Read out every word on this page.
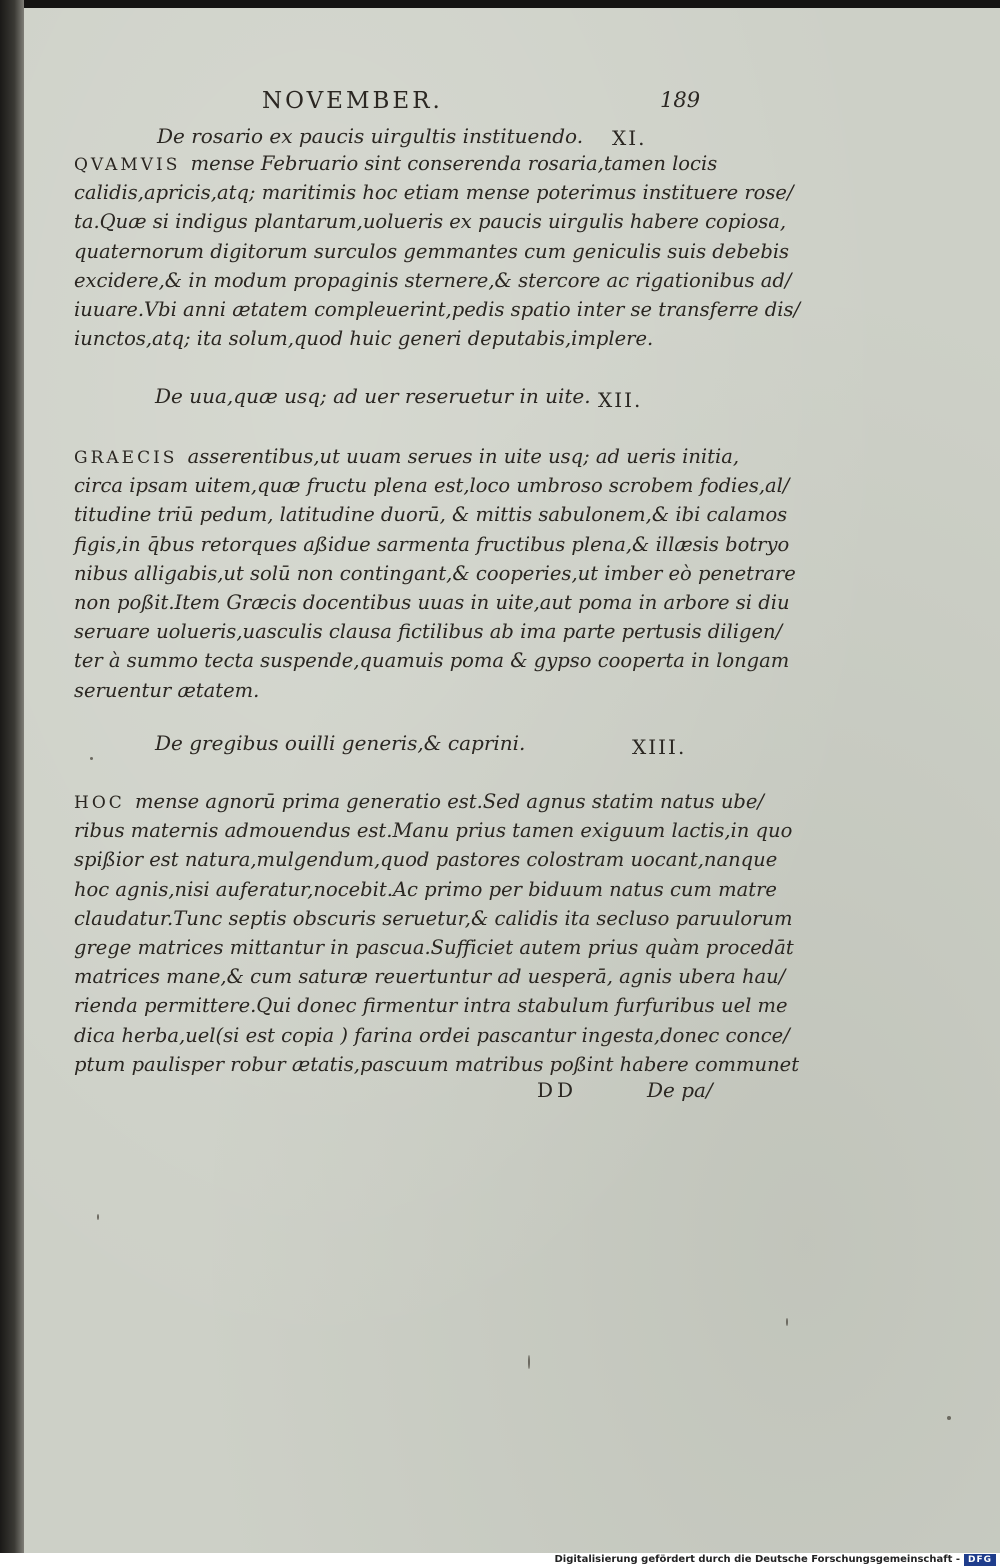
NOVEMBER.	189
De rosario ex paucis uirgultis instituendo. XI.
QVAMVIS mense Februario sint conserenda rosaria,tamen locis
calidis,apricis,atq; maritimis hoc etiam mense poterimus instituere rose/
ta.Quæ si indigus plantarum,uolueris ex paucis uirgulis habere copiosa,
quaternorum digitorum surculos gemmantes cum geniculis suis debebis
excidere,& in modum propaginis sternere,& stercore ac rigationibus ad/
iuuare.Vbi anni ætatem compleuerint,pedis spatio inter se transferre dis/
iunctos,atq; ita solum,quod huic generi deputabis,implere.
De uua,quæ usq; ad uer reseruetur in uite. XII.
GRAECIS asserentibus,ut uuam serues in uite usq; ad ueris initia,
circa ipsam uitem,quæ fructu plena est,loco umbroso scrobem fodies,al/
titudine triū pedum, latitudine duorū, & mittis sabulonem,& ibi calamos
figis,in q̄bus retorques aßidue sarmenta fructibus plena,& illæsis botryo
nibus alligabis,ut solū non contingant,& cooperies,ut imber eò penetrare
non poßit.Item Græcis docentibus uuas in uite,aut poma in arbore si diu
seruare uolueris,uasculis clausa fictilibus ab ima parte pertusis diligen/
ter à summo tecta suspende,quamuis poma & gypso cooperta in longam
seruentur ætatem.
De gregibus ouilli generis,& caprini.	XIII.
HOC mense agnorū prima generatio est.Sed agnus statim natus ube/
ribus maternis admouendus est.Manu prius tamen exiguum lactis,in quo
spißior est natura,mulgendum,quod pastores colostram uocant,nanque
hoc agnis,nisi auferatur,nocebit.Ac primo per biduum natus cum matre
claudatur.Tunc septis obscuris seruetur,& calidis ita secluso paruulorum
grege matrices mittantur in pascua.Sufficiet autem prius quàm procedāt
matrices mane,& cum saturæ reuertuntur ad uesperā, agnis ubera hau/
rienda permittere.Qui donec firmentur intra stabulum furfuribus uel me
dica herba,uel(si est copia ) farina ordei pascantur ingesta,donec conce/
ptum paulisper robur ætatis,pascuum matribus poßint habere communet
DD	De pa/
Digitalisierung gefördert durch die Deutsche Forschungsgemeinschaft - DFG
